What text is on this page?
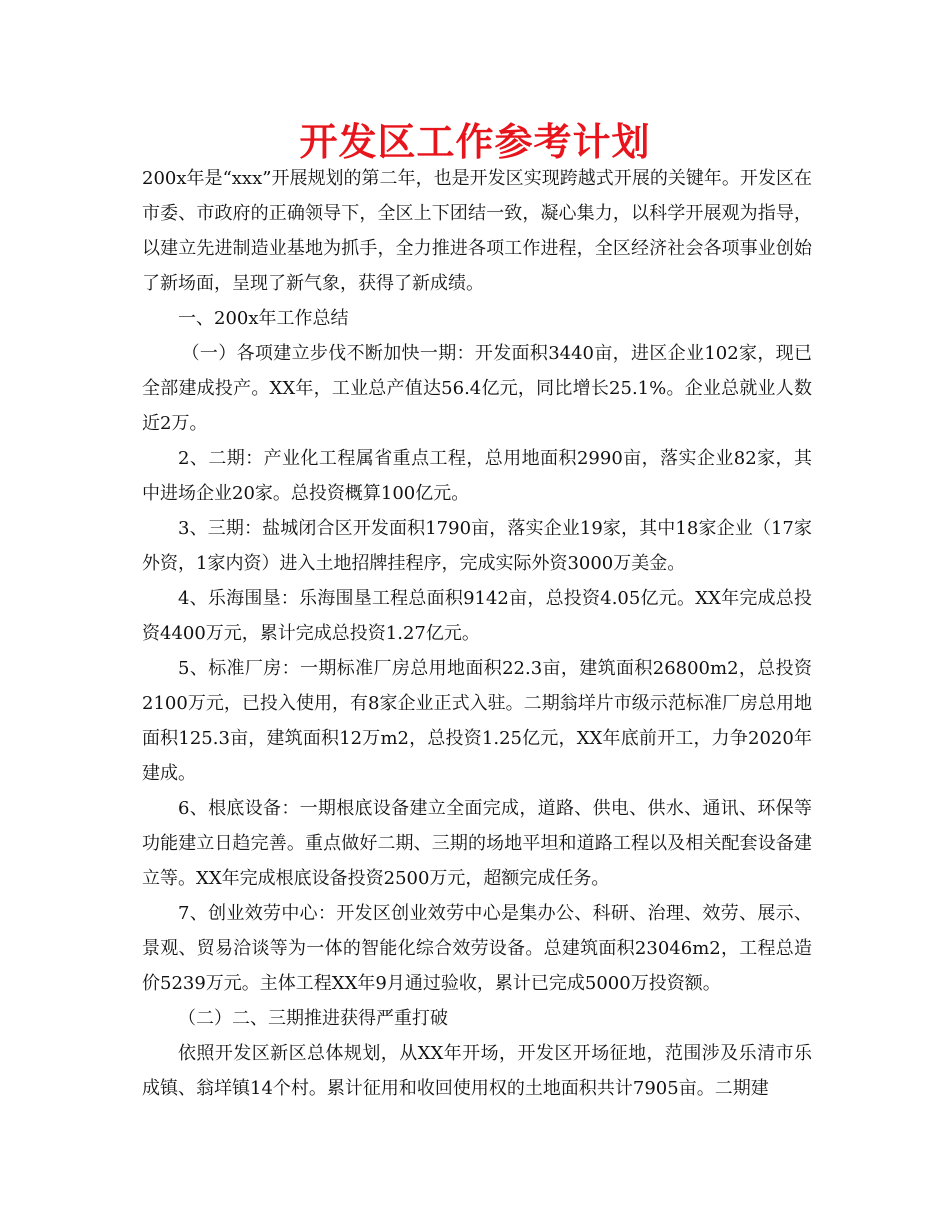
开发区工作参考计划

200x年是“xxx”开展规划的第二年，也是开发区实现跨越式开展的关键年。开发区在市委、市政府的正确领导下，全区上下团结一致，凝心集力，以科学开展观为指导，以建立先进制造业基地为抓手，全力推进各项工作进程，全区经济社会各项事业创始了新场面，呈现了新气象，获得了新成绩。

一、200x年工作总结

（一）各项建立步伐不断加快一期：开发面积3440亩，进区企业102家，现已全部建成投产。XX年，工业总产值达56.4亿元，同比增长25.1%。企业总就业人数近2万。

2、二期：产业化工程属省重点工程，总用地面积2990亩，落实企业82家，其中进场企业20家。总投资概算100亿元。

3、三期：盐城闭合区开发面积1790亩，落实企业19家，其中18家企业（17家外资，1家内资）进入土地招牌挂程序，完成实际外资3000万美金。

4、乐海围垦：乐海围垦工程总面积9142亩，总投资4.05亿元。XX年完成总投资4400万元，累计完成总投资1.27亿元。

5、标准厂房：一期标准厂房总用地面积22.3亩，建筑面积26800m2，总投资2100万元，已投入使用，有8家企业正式入驻。二期翁垟片市级示范标准厂房总用地面积125.3亩，建筑面积12万m2，总投资1.25亿元，XX年底前开工，力争2020年建成。

6、根底设备：一期根底设备建立全面完成，道路、供电、供水、通讯、环保等功能建立日趋完善。重点做好二期、三期的场地平坦和道路工程以及相关配套设备建立等。XX年完成根底设备投资2500万元，超额完成任务。

7、创业效劳中心：开发区创业效劳中心是集办公、科研、治理、效劳、展示、景观、贸易洽谈等为一体的智能化综合效劳设备。总建筑面积23046m2，工程总造价5239万元。主体工程XX年9月通过验收，累计已完成5000万投资额。

（二）二、三期推进获得严重打破

依照开发区新区总体规划，从XX年开场，开发区开场征地，范围涉及乐清市乐成镇、翁垟镇14个村。累计征用和收回使用权的土地面积共计7905亩。二期建
